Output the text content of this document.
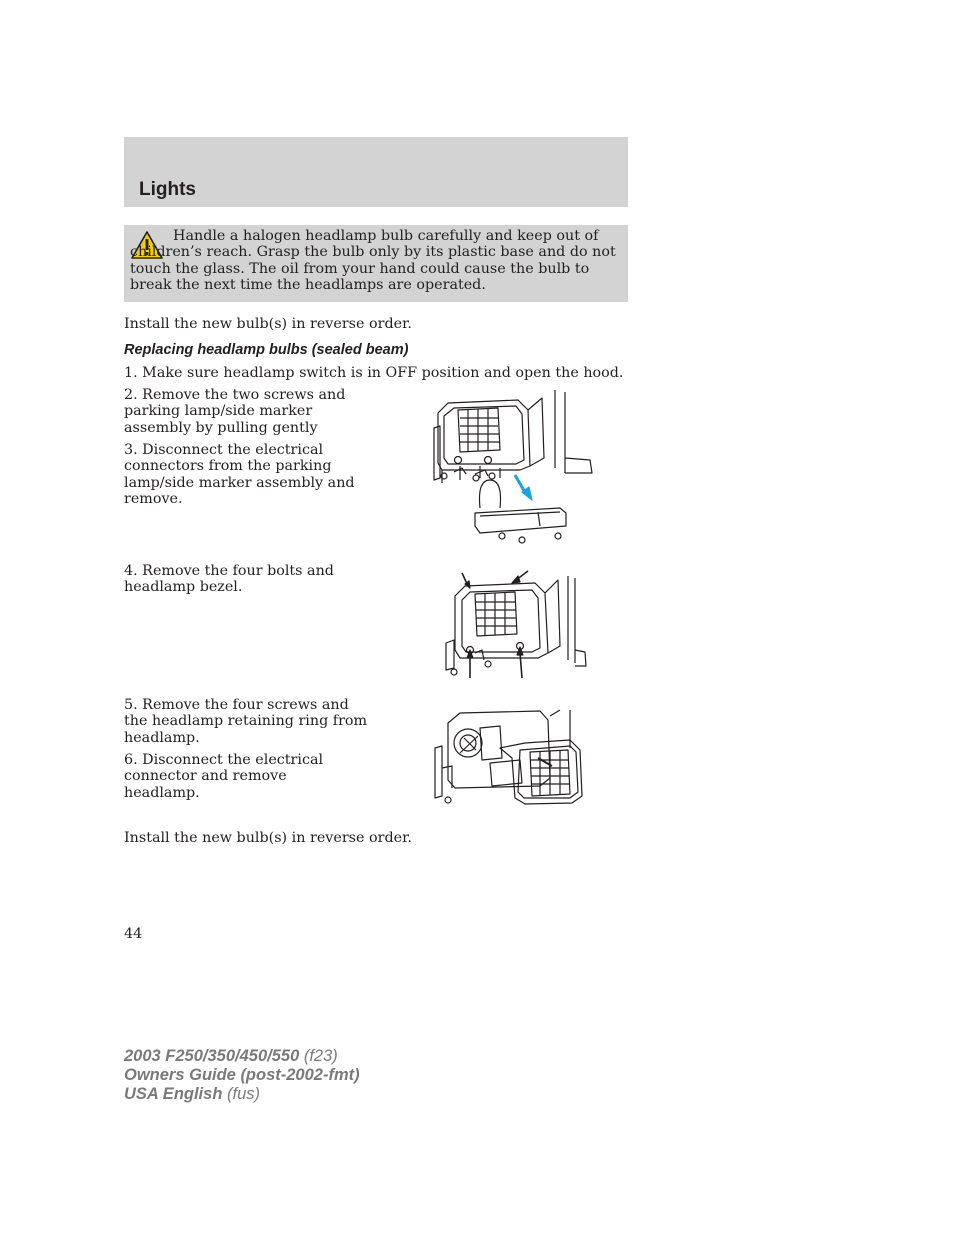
Lights

Handle a halogen headlamp bulb carefully and keep out of children’s reach. Grasp the bulb only by its plastic base and do not touch the glass. The oil from your hand could cause the bulb to break the next time the headlamps are operated.

Install the new bulb(s) in reverse order.

Replacing headlamp bulbs (sealed beam)

1. Make sure headlamp switch is in OFF position and open the hood.

2. Remove the two screws and parking lamp/side marker assembly by pulling gently

3. Disconnect the electrical connectors from the parking lamp/side marker assembly and remove.

4. Remove the four bolts and headlamp bezel.

5. Remove the four screws and the headlamp retaining ring from headlamp.

6. Disconnect the electrical connector and remove headlamp.

Install the new bulb(s) in reverse order.

44

2003 F250/350/450/550 (f23)
Owners Guide (post-2002-fmt)
USA English (fus)
